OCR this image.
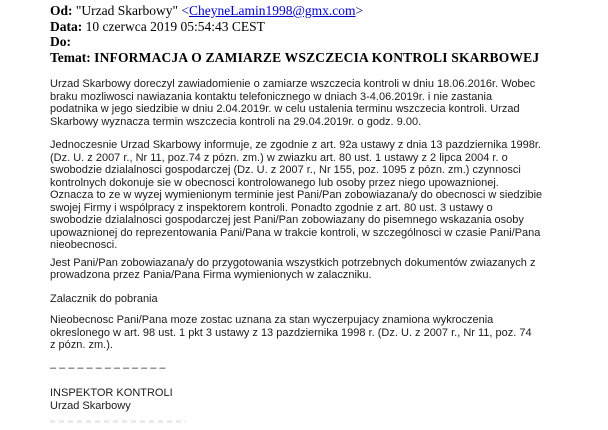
Od: "Urzad Skarbowy" <CheyneLamin1998@gmx.com>
Data: 10 czerwca 2019 05:54:43 CEST
Do:
Temat: INFORMACJA O ZAMIARZE WSZCZECIA KONTROLI SKARBOWEJ

Urzad Skarbowy doreczyl zawiadomienie o zamiarze wszczecia kontroli w dniu 18.06.2016r. Wobec
braku mozliwosci nawiazania kontaktu telefonicznego w dniach 3-4.06.2019r. i nie zastania
podatnika w jego siedzibie w dniu 2.04.2019r. w celu ustalenia terminu wszczecia kontroli. Urzad
Skarbowy wyznacza termin wszczecia kontroli na 29.04.2019r. o godz. 9.00.

Jednoczesnie Urzad Skarbowy informuje, ze zgodnie z art. 92a ustawy z dnia 13 pazdziernika 1998r.
(Dz. U. z 2007 r., Nr 11, poz.74 z pózn. zm.) w zwiazku art. 80 ust. 1 ustawy z 2 lipca 2004 r. o
swobodzie dzialalnosci gospodarczej (Dz. U. z 2007 r., Nr 155, poz. 1095 z pózn. zm.) czynnosci
kontrolnych dokonuje sie w obecnosci kontrolowanego lub osoby przez niego upowaznionej.
Oznacza to ze w wyzej wymienionym terminie jest Pani/Pan zobowiazana/y do obecnosci w siedzibie
swojej Firmy i wspólpracy z inspektorem kontroli. Ponadto zgodnie z art. 80 ust. 3 ustawy o
swobodzie dzialalnosci gospodarczej jest Pani/Pan zobowiazany do pisemnego wskazania osoby
upowaznionej do reprezentowania Pani/Pana w trakcie kontroli, w szczególnosci w czasie Pani/Pana
nieobecnosci.

Jest Pani/Pan zobowiazana/y do przygotowania wszystkich potrzebnych dokumentów zwiazanych z
prowadzona przez Pania/Pana Firma wymienionych w zalaczniku.

Zalacznik do pobrania

Nieobecnosc Pani/Pana moze zostac uznana za stan wyczerpujacy znamiona wykroczenia
okreslonego w art. 98 ust. 1 pkt 3 ustawy z 13 pazdziernika 1998 r. (Dz. U. z 2007 r., Nr 11, poz. 74
z pózn. zm.).

–––––––––––––

INSPEKTOR KONTROLI
Urzad Skarbowy
